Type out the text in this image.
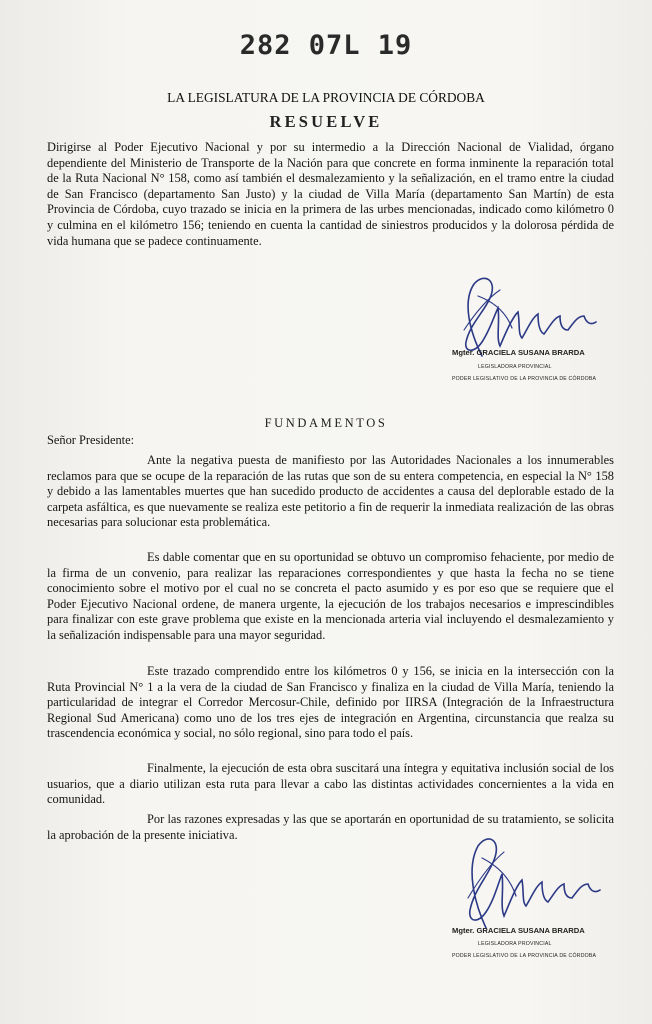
282 07L 19
LA LEGISLATURA DE LA PROVINCIA DE CÓRDOBA
RESUELVE
Dirigirse al Poder Ejecutivo Nacional y por su intermedio a la Dirección Nacional de Vialidad, órgano dependiente del Ministerio de Transporte de la Nación para que concrete en forma inminente la reparación total de la Ruta Nacional N° 158, como así también el desmalezamiento y la señalización, en el tramo entre la ciudad de San Francisco (departamento San Justo) y la ciudad de Villa María (departamento San Martín) de esta Provincia de Córdoba, cuyo trazado se inicia en la primera de las urbes mencionadas, indicado como kilómetro 0 y culmina en el kilómetro 156; teniendo en cuenta la cantidad de siniestros producidos y la dolorosa pérdida de vida humana que se padece continuamente.
Mgter. GRACIELA SUSANA BRARDA
LEGISLADORA PROVINCIAL
PODER LEGISLATIVO DE LA PROVINCIA DE CÓRDOBA
FUNDAMENTOS
Señor Presidente:
Ante la negativa puesta de manifiesto por las Autoridades Nacionales a los innumerables reclamos para que se ocupe de la reparación de las rutas que son de su entera competencia, en especial la N° 158 y debido a las lamentables muertes que han sucedido producto de accidentes a causa del deplorable estado de la carpeta asfáltica, es que nuevamente se realiza este petitorio a fin de requerir la inmediata realización de las obras necesarias para solucionar esta problemática.
Es dable comentar que en su oportunidad se obtuvo un compromiso fehaciente, por medio de la firma de un convenio, para realizar las reparaciones correspondientes y que hasta la fecha no se tiene conocimiento sobre el motivo por el cual no se concreta el pacto asumido y es por eso que se requiere que el Poder Ejecutivo Nacional ordene, de manera urgente, la ejecución de los trabajos necesarios e imprescindibles para finalizar con este grave problema que existe en la mencionada arteria vial incluyendo el desmalezamiento y la señalización indispensable para una mayor seguridad.
Este trazado comprendido entre los kilómetros 0 y 156, se inicia en la intersección con la Ruta Provincial N° 1 a la vera de la ciudad de San Francisco y finaliza en la ciudad de Villa María, teniendo la particularidad de integrar el Corredor Mercosur-Chile, definido por IIRSA (Integración de la Infraestructura Regional Sud Americana) como uno de los tres ejes de integración en Argentina, circunstancia que realza su trascendencia económica y social, no sólo regional, sino para todo el país.
Finalmente, la ejecución de esta obra suscitará una íntegra y equitativa inclusión social de los usuarios, que a diario utilizan esta ruta para llevar a cabo las distintas actividades concernientes a la vida en comunidad.
Por las razones expresadas y las que se aportarán en oportunidad de su tratamiento, se solicita la aprobación de la presente iniciativa.
Mgter. GRACIELA SUSANA BRARDA
LEGISLADORA PROVINCIAL
PODER LEGISLATIVO DE LA PROVINCIA DE CÓRDOBA
